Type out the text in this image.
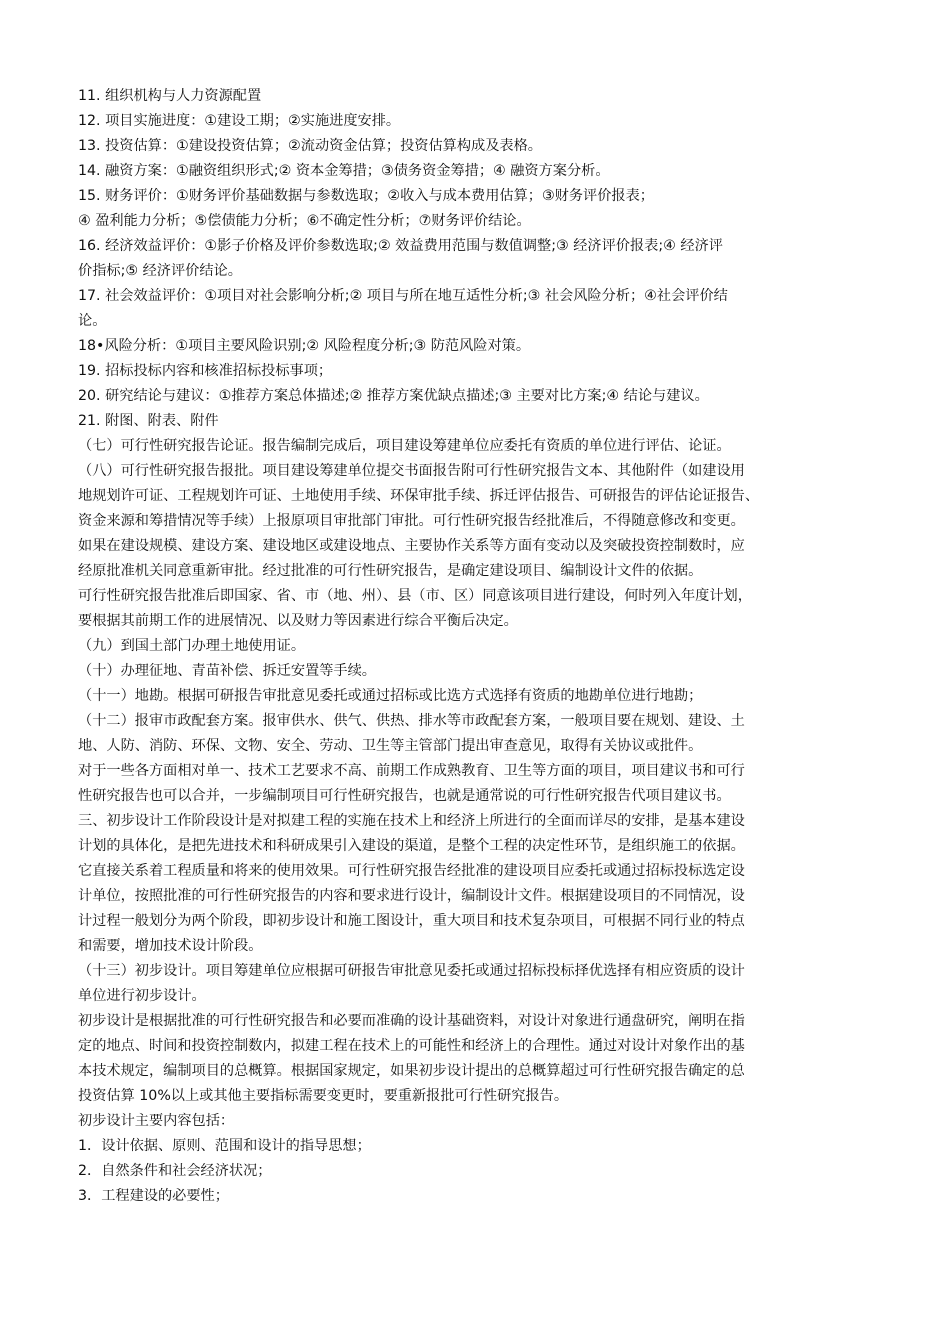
11. 组织机构与人力资源配置
12. 项目实施进度：①建设工期；②实施进度安排。
13. 投资估算：①建设投资估算；②流动资金估算；投资估算构成及表格。
14. 融资方案：①融资组织形式;② 资本金筹措；③债务资金筹措；④ 融资方案分析。
15. 财务评价：①财务评价基础数据与参数选取；②收入与成本费用估算；③财务评价报表；
④ 盈利能力分析；⑤偿债能力分析；⑥不确定性分析；⑦财务评价结论。
16. 经济效益评价：①影子价格及评价参数选取;② 效益费用范围与数值调整;③ 经济评价报表;④ 经济评
价指标;⑤ 经济评价结论。
17. 社会效益评价：①项目对社会影响分析;② 项目与所在地互适性分析;③ 社会风险分析；④社会评价结
论。
18•风险分析：①项目主要风险识别;② 风险程度分析;③ 防范风险对策。
19. 招标投标内容和核准招标投标事项；
20. 研究结论与建议：①推荐方案总体描述;② 推荐方案优缺点描述;③ 主要对比方案;④ 结论与建议。
21. 附图、附表、附件
（七）可行性研究报告论证。报告编制完成后，项目建设筹建单位应委托有资质的单位进行评估、论证。
（八）可行性研究报告报批。项目建设筹建单位提交书面报告附可行性研究报告文本、其他附件（如建设用
地规划许可证、工程规划许可证、土地使用手续、环保审批手续、拆迁评估报告、可研报告的评估论证报告、
资金来源和筹措情况等手续）上报原项目审批部门审批。可行性研究报告经批准后，不得随意修改和变更。
如果在建设规模、建设方案、建设地区或建设地点、主要协作关系等方面有变动以及突破投资控制数时，应
经原批准机关同意重新审批。经过批准的可行性研究报告，是确定建设项目、编制设计文件的依据。
可行性研究报告批准后即国家、省、市（地、州）、县（市、区）同意该项目进行建设，何时列入年度计划，
要根据其前期工作的进展情况、以及财力等因素进行综合平衡后决定。
（九）到国土部门办理土地使用证。
（十）办理征地、青苗补偿、拆迁安置等手续。
（十一）地勘。根据可研报告审批意见委托或通过招标或比选方式选择有资质的地勘单位进行地勘；
（十二）报审市政配套方案。报审供水、供气、供热、排水等市政配套方案，一般项目要在规划、建设、土
地、人防、消防、环保、文物、安全、劳动、卫生等主管部门提出审查意见，取得有关协议或批件。
对于一些各方面相对单一、技术工艺要求不高、前期工作成熟教育、卫生等方面的项目，项目建议书和可行
性研究报告也可以合并，一步编制项目可行性研究报告，也就是通常说的可行性研究报告代项目建议书。
三、初步设计工作阶段设计是对拟建工程的实施在技术上和经济上所进行的全面而详尽的安排，是基本建设
计划的具体化，是把先进技术和科研成果引入建设的渠道，是整个工程的决定性环节，是组织施工的依据。
它直接关系着工程质量和将来的使用效果。可行性研究报告经批准的建设项目应委托或通过招标投标选定设
计单位，按照批准的可行性研究报告的内容和要求进行设计，编制设计文件。根据建设项目的不同情况，设
计过程一般划分为两个阶段，即初步设计和施工图设计，重大项目和技术复杂项目，可根据不同行业的特点
和需要，增加技术设计阶段。
（十三）初步设计。项目筹建单位应根据可研报告审批意见委托或通过招标投标择优选择有相应资质的设计
单位进行初步设计。
初步设计是根据批准的可行性研究报告和必要而准确的设计基础资料，对设计对象进行通盘研究，阐明在指
定的地点、时间和投资控制数内，拟建工程在技术上的可能性和经济上的合理性。通过对设计对象作出的基
本技术规定，编制项目的总概算。根据国家规定，如果初步设计提出的总概算超过可行性研究报告确定的总
投资估算 10%以上或其他主要指标需要变更时，要重新报批可行性研究报告。
初步设计主要内容包括：
1．设计依据、原则、范围和设计的指导思想；
2．自然条件和社会经济状况；
3．工程建设的必要性；
